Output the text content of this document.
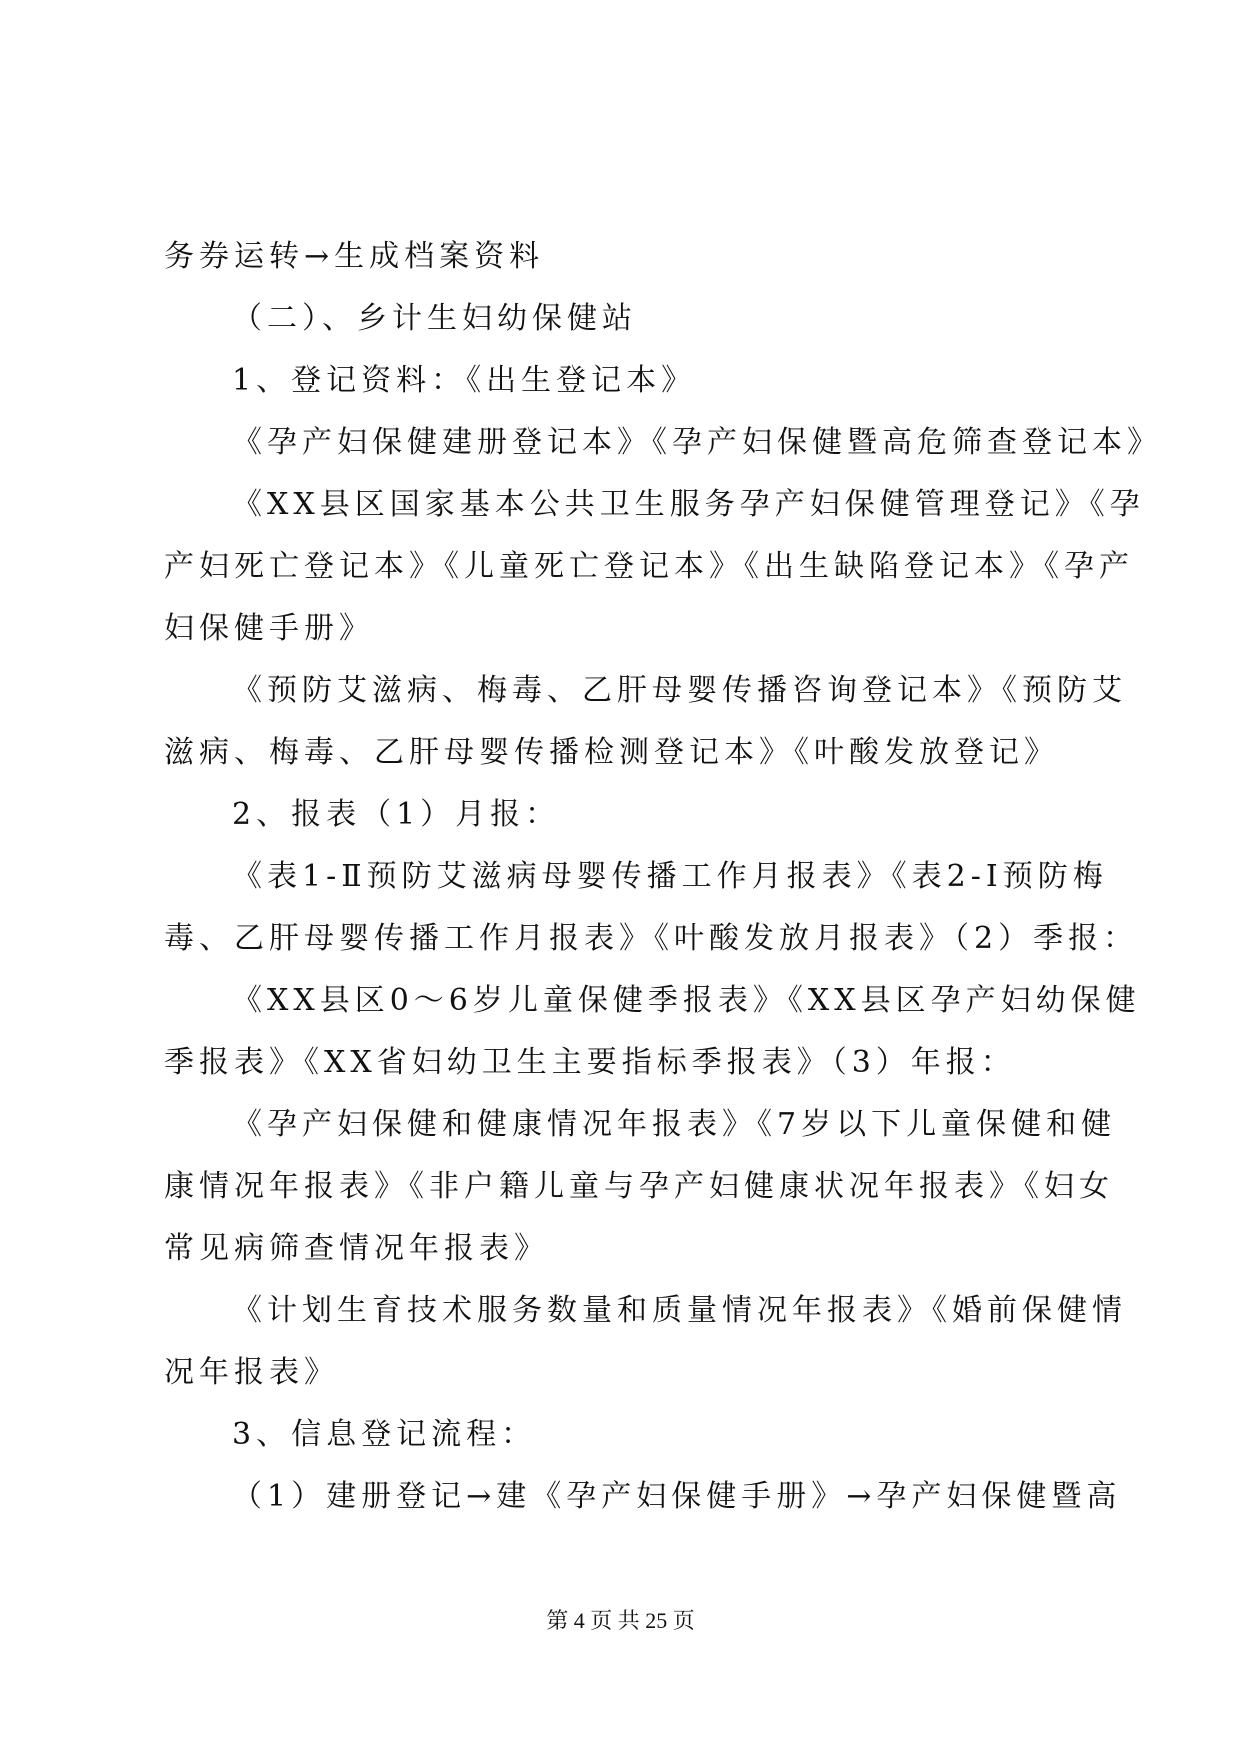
务券运转→生成档案资料
（二）、乡计生妇幼保健站
1、登记资料：《出生登记本》
《孕产妇保健建册登记本》《孕产妇保健暨高危筛查登记本》
《XX县区国家基本公共卫生服务孕产妇保健管理登记》《孕
产妇死亡登记本》《儿童死亡登记本》《出生缺陷登记本》《孕产
妇保健手册》
《预防艾滋病、梅毒、乙肝母婴传播咨询登记本》《预防艾
滋病、梅毒、乙肝母婴传播检测登记本》《叶酸发放登记》
2、报表（1）月报：
《表1-Ⅱ预防艾滋病母婴传播工作月报表》《表2-Ⅰ预防梅
毒、乙肝母婴传播工作月报表》《叶酸发放月报表》（2）季报：
《XX县区0～6岁儿童保健季报表》《XX县区孕产妇幼保健
季报表》《XX省妇幼卫生主要指标季报表》（3）年报：
《孕产妇保健和健康情况年报表》《7岁以下儿童保健和健
康情况年报表》《非户籍儿童与孕产妇健康状况年报表》《妇女
常见病筛查情况年报表》
《计划生育技术服务数量和质量情况年报表》《婚前保健情
况年报表》
3、信息登记流程：
（1）建册登记→建《孕产妇保健手册》→孕产妇保健暨高
第 4 页 共 25 页
